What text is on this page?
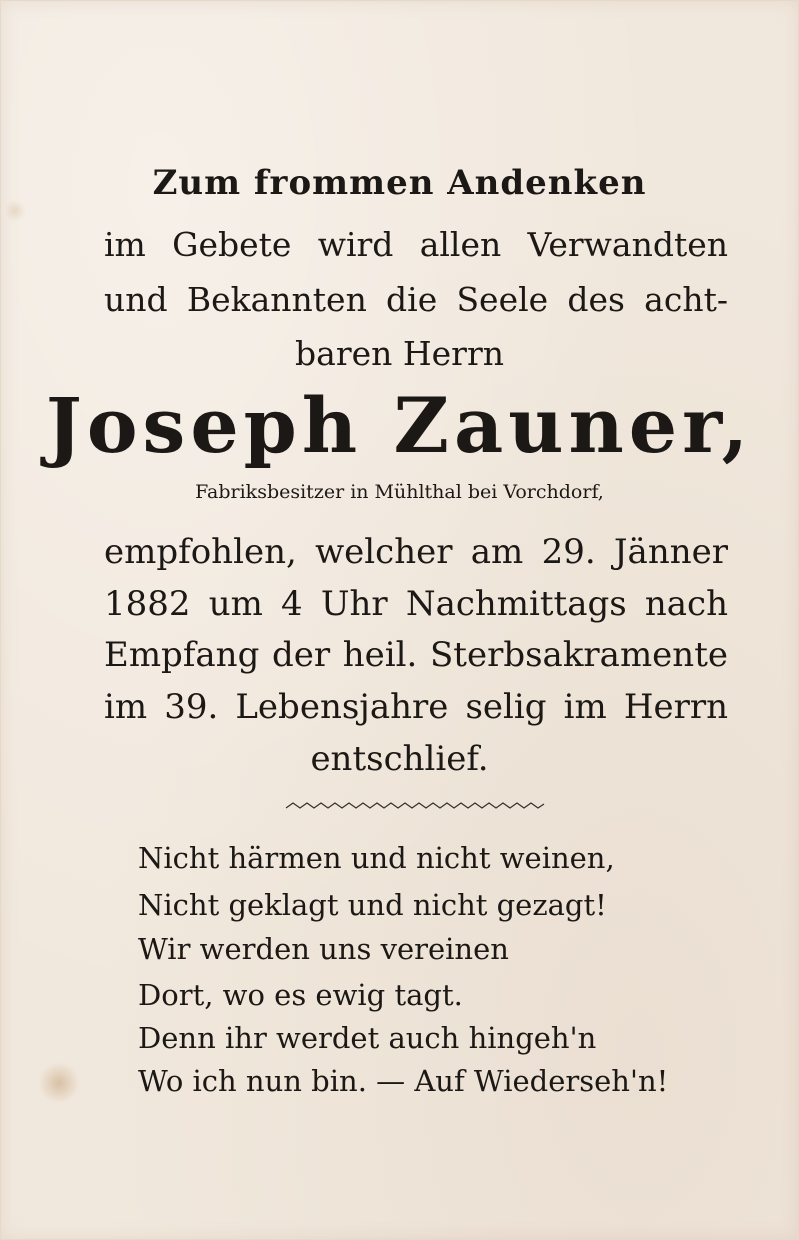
Zum frommen Andenken
im Gebete wird allen Verwandten
und Bekannten die Seele des acht-
baren Herrn
Joseph Zauner,
Fabriksbesitzer in Mühlthal bei Vorchdorf,
empfohlen, welcher am 29. Jänner
1882 um 4 Uhr Nachmittags nach
Empfang der heil. Sterbsakramente
im 39. Lebensjahre selig im Herrn
entschlief.
Nicht härmen und nicht weinen,
Nicht geklagt und nicht gezagt!
Wir werden uns vereinen
Dort, wo es ewig tagt.
Denn ihr werdet auch hingeh'n
Wo ich nun bin. — Auf Wiederseh'n!
